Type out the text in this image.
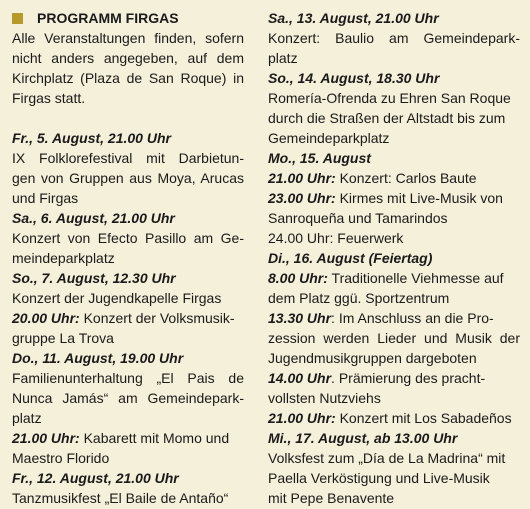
PROGRAMM FIRGAS
Alle Veranstaltungen finden, sofern
nicht anders angegeben, auf dem
Kirchplatz (Plaza de San Roque) in
Firgas statt.
Fr., 5. August, 21.00 Uhr
IX Folklorefestival mit Darbietun-
gen von Gruppen aus Moya, Arucas
und Firgas
Sa., 6. August, 21.00 Uhr
Konzert von Efecto Pasillo am Ge-
meindeparkplatz
So., 7. August, 12.30 Uhr
Konzert der Jugendkapelle Firgas
20.00 Uhr: Konzert der Volksmusik-
gruppe La Trova
Do., 11. August, 19.00 Uhr
Familienunterhaltung „El Pais de
Nunca Jamás“ am Gemeindepark-
platz
21.00 Uhr: Kabarett mit Momo und
Maestro Florido
Fr., 12. August, 21.00 Uhr
Tanzmusikfest „El Baile de Antaño“
Sa., 13. August, 21.00 Uhr
Konzert: Baulio am Gemeindepark-
platz
So., 14. August, 18.30 Uhr
Romería-Ofrenda zu Ehren San Roque
durch die Straßen der Altstadt bis zum
Gemeindeparkplatz
Mo., 15. August
21.00 Uhr: Konzert: Carlos Baute
23.00 Uhr: Kirmes mit Live-Musik von
Sanroqueña und Tamarindos
24.00 Uhr: Feuerwerk
Di., 16. August (Feiertag)
8.00 Uhr: Traditionelle Viehmesse auf
dem Platz ggü. Sportzentrum
13.30 Uhr: Im Anschluss an die Pro-
zession werden Lieder und Musik der
Jugendmusikgruppen dargeboten
14.00 Uhr. Prämierung des pracht-
vollsten Nutzviehs
21.00 Uhr: Konzert mit Los Sabadeños
Mi., 17. August, ab 13.00 Uhr
Volksfest zum „Día de La Madrina“ mit
Paella Verköstigung und Live-Musik
mit Pepe Benavente
